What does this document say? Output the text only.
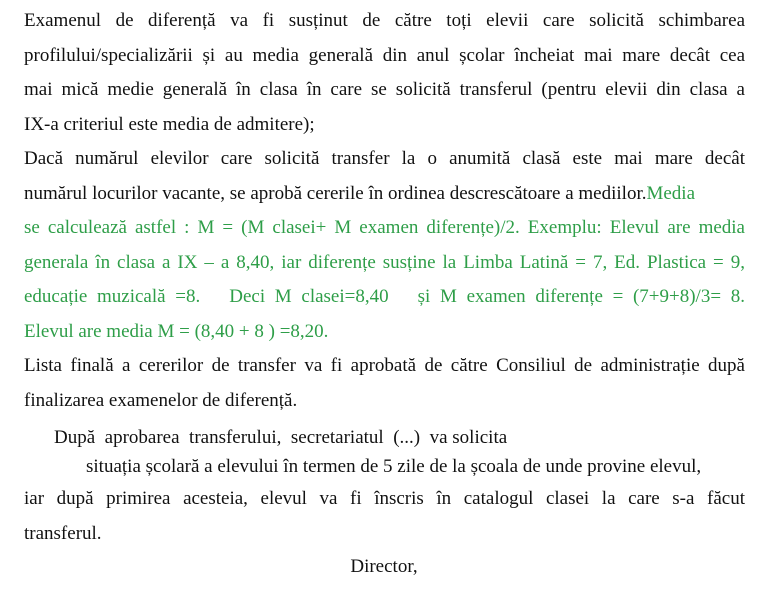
Examenul de diferență va fi susținut de către toți elevii care solicită schimbarea
profilului/specializării și au media generală din anul școlar încheiat mai mare decât cea
mai mică medie generală în clasa în care se solicită transferul (pentru elevii din clasa a
IX-a criteriul este media de admitere);
Dacă numărul elevilor care solicită transfer la o anumită clasă este mai mare decât
numărul locurilor vacante, se aprobă cererile în ordinea descrescătoare a mediilor.Media
se calculează astfel : M = (M clasei+ M examen diferențe)/2. Exemplu: Elevul are media
generala în clasa a IX – a 8,40, iar diferențe susține la Limba Latină = 7, Ed. Plastica = 9,
educație muzicală =8.   Deci M clasei=8,40   și M examen diferențe = (7+9+8)/3= 8.
Elevul are media M = (8,40 + 8 ) =8,20.
Lista finală a cererilor de transfer va fi aprobată de către Consiliul de administrație după
finalizarea examenelor de diferență.
După  aprobarea  transferului,  secretariatul  (...)  va solicita
situația școlară a elevului în termen de 5 zile de la școala de unde provine elevul,
iar după primirea acesteia, elevul va fi înscris în catalogul clasei la care s-a făcut
transferul.
Director,
